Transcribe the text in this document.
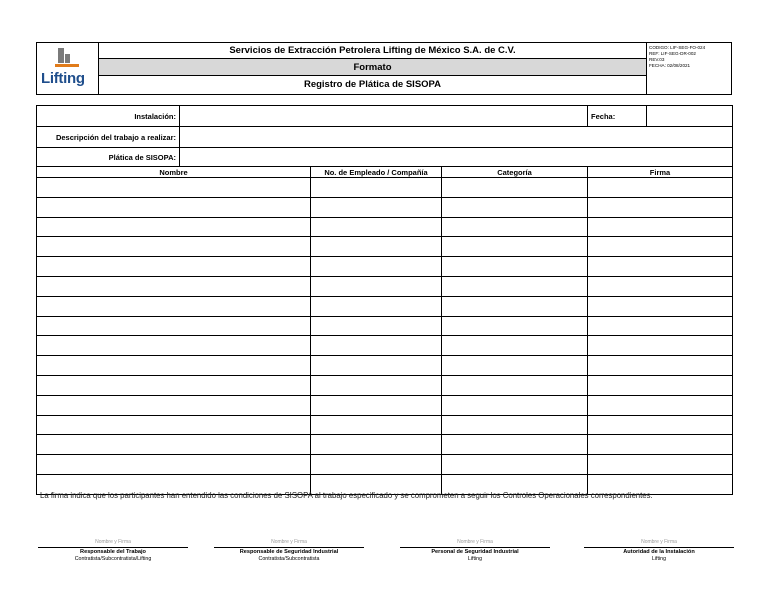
Lifting
Servicios de Extracción Petrolera Lifting de México S.A. de C.V.
Formato
Registro de Plática de SISOPA
CODIGO: LIF-SEG-FO-024
REF: LIF-SEG-DR-002
REV.03
FECHA: 02/08/2021
Instalación:				Fecha:	
Descripción del trabajo a realizar:					
Plática de SISOPA:					
Nombre		No. de Empleado / Compañía	Categoría	Firma	

La firma indica que los participantes han entendido las condiciones de SISOPA al trabajo especificado y se comprometen a seguir los Controles Operacionales correspondientes.
Nombre y Firma
Responsable del Trabajo
Contratista/Subcontratista/Lifting
Nombre y Firma
Responsable de Seguridad Industrial
Contratista/Subcontratista
Nombre y Firma
Personal de Seguridad Industrial
Lifting
Nombre y Firma
Autoridad de la Instalación
Lifting
